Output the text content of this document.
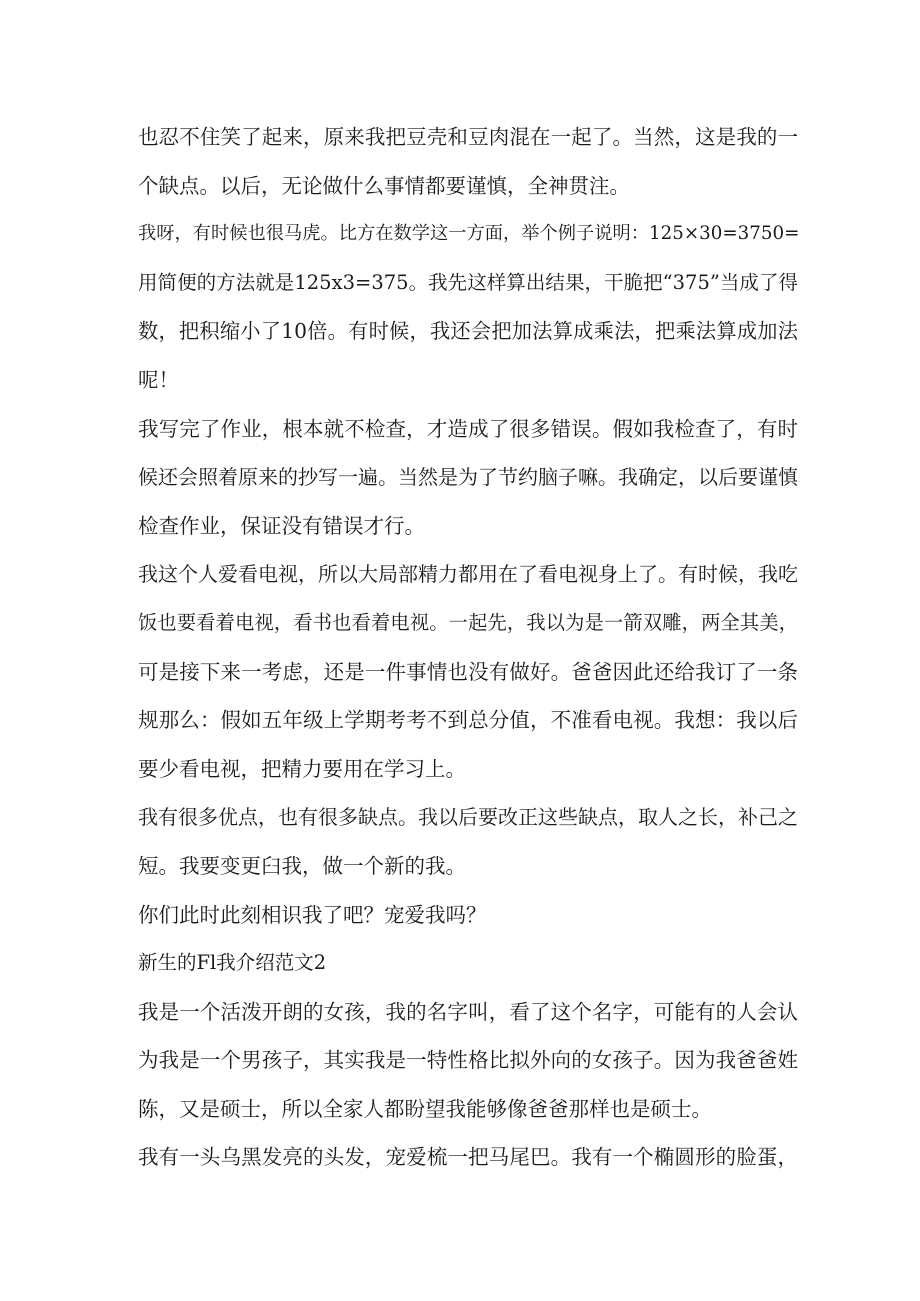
也忍不住笑了起来，原来我把豆壳和豆肉混在一起了。当然，这是我的一
个缺点。以后，无论做什么事情都要谨慎，全神贯注。
我呀，有时候也很马虎。比方在数学这一方面，举个例子说明：125×30=3750=
用简便的方法就是125x3=375。我先这样算出结果，干脆把“375”当成了得
数，把积缩小了10倍。有时候，我还会把加法算成乘法，把乘法算成加法
呢！
我写完了作业，根本就不检查，才造成了很多错误。假如我检查了，有时
候还会照着原来的抄写一遍。当然是为了节约脑子嘛。我确定，以后要谨慎
检查作业，保证没有错误才行。
我这个人爱看电视，所以大局部精力都用在了看电视身上了。有时候，我吃
饭也要看着电视，看书也看着电视。一起先，我以为是一箭双雕，两全其美，
可是接下来一考虑，还是一件事情也没有做好。爸爸因此还给我订了一条
规那么：假如五年级上学期考考不到总分值，不准看电视。我想：我以后
要少看电视，把精力要用在学习上。
我有很多优点，也有很多缺点。我以后要改正这些缺点，取人之长，补己之
短。我要变更臼我，做一个新的我。
你们此时此刻相识我了吧？宠爱我吗？
新生的Fl我介绍范文2
我是一个活泼开朗的女孩，我的名字叫，看了这个名字，可能有的人会认
为我是一个男孩子，其实我是一特性格比拟外向的女孩子。因为我爸爸姓
陈，又是硕士，所以全家人都盼望我能够像爸爸那样也是硕士。
我有一头乌黑发亮的头发，宠爱梳一把马尾巴。我有一个椭圆形的脸蛋，
